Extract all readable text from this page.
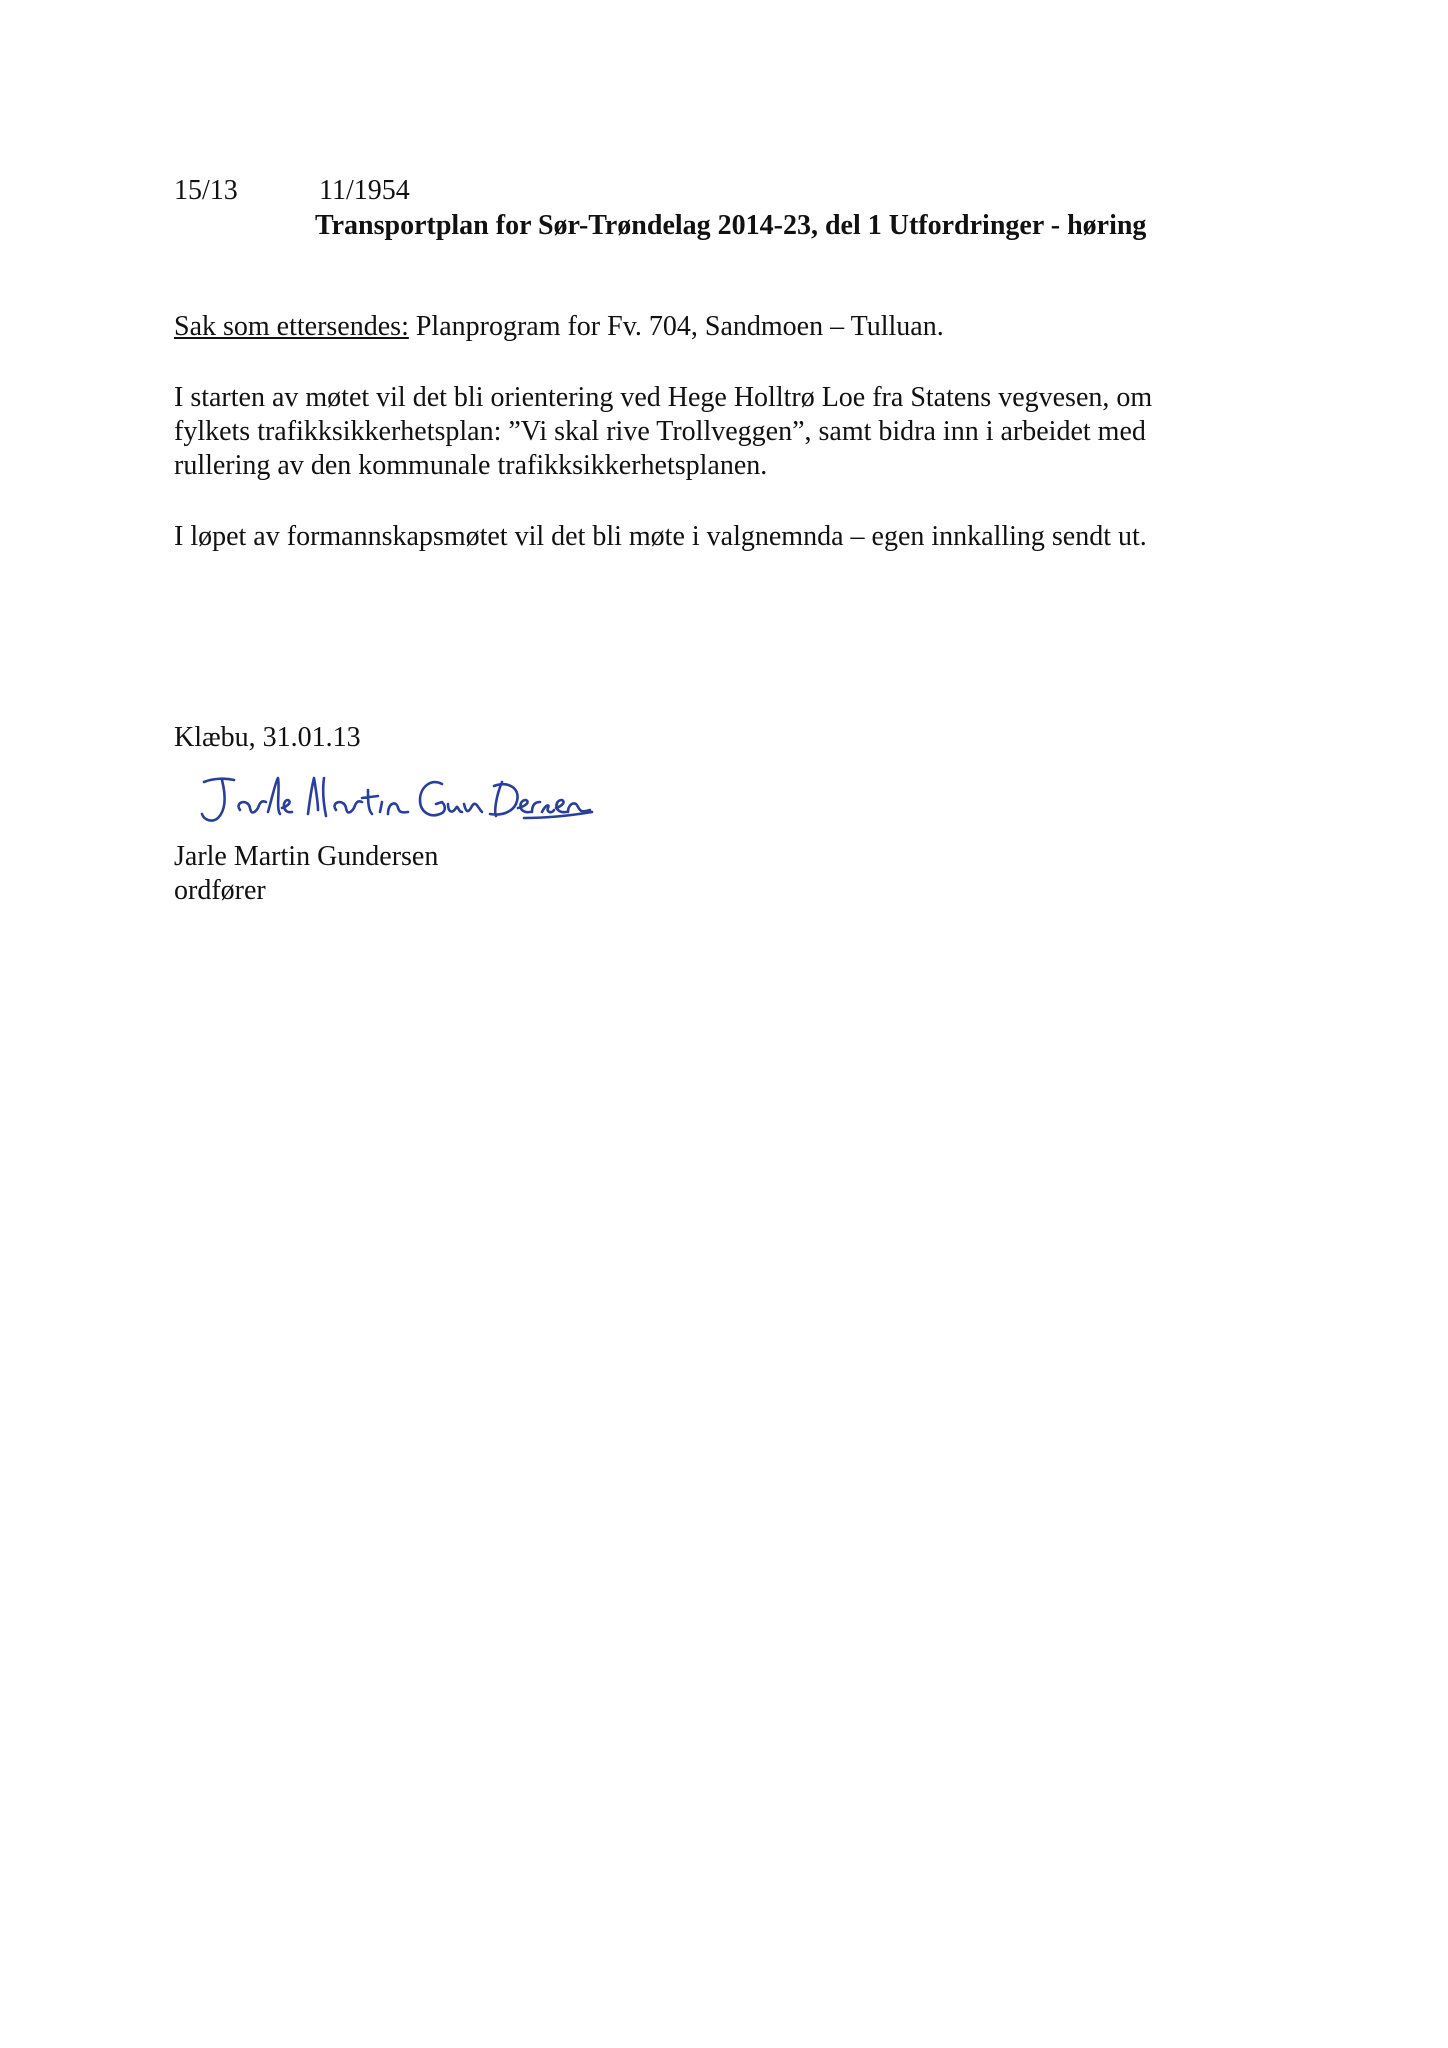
15/13	11/1954
Transportplan for Sør-Trøndelag 2014-23, del 1 Utfordringer - høring
Sak som ettersendes: Planprogram for Fv. 704, Sandmoen – Tulluan.
I starten av møtet vil det bli orientering ved Hege Holltrø Loe fra Statens vegvesen, om
fylkets trafikksikkerhetsplan: ”Vi skal rive Trollveggen”, samt bidra inn i arbeidet med
rullering av den kommunale trafikksikkerhetsplanen.
I løpet av formannskapsmøtet vil det bli møte i valgnemnda – egen innkalling sendt ut.
Klæbu, 31.01.13
Jarle Martin Gundersen
ordfører
